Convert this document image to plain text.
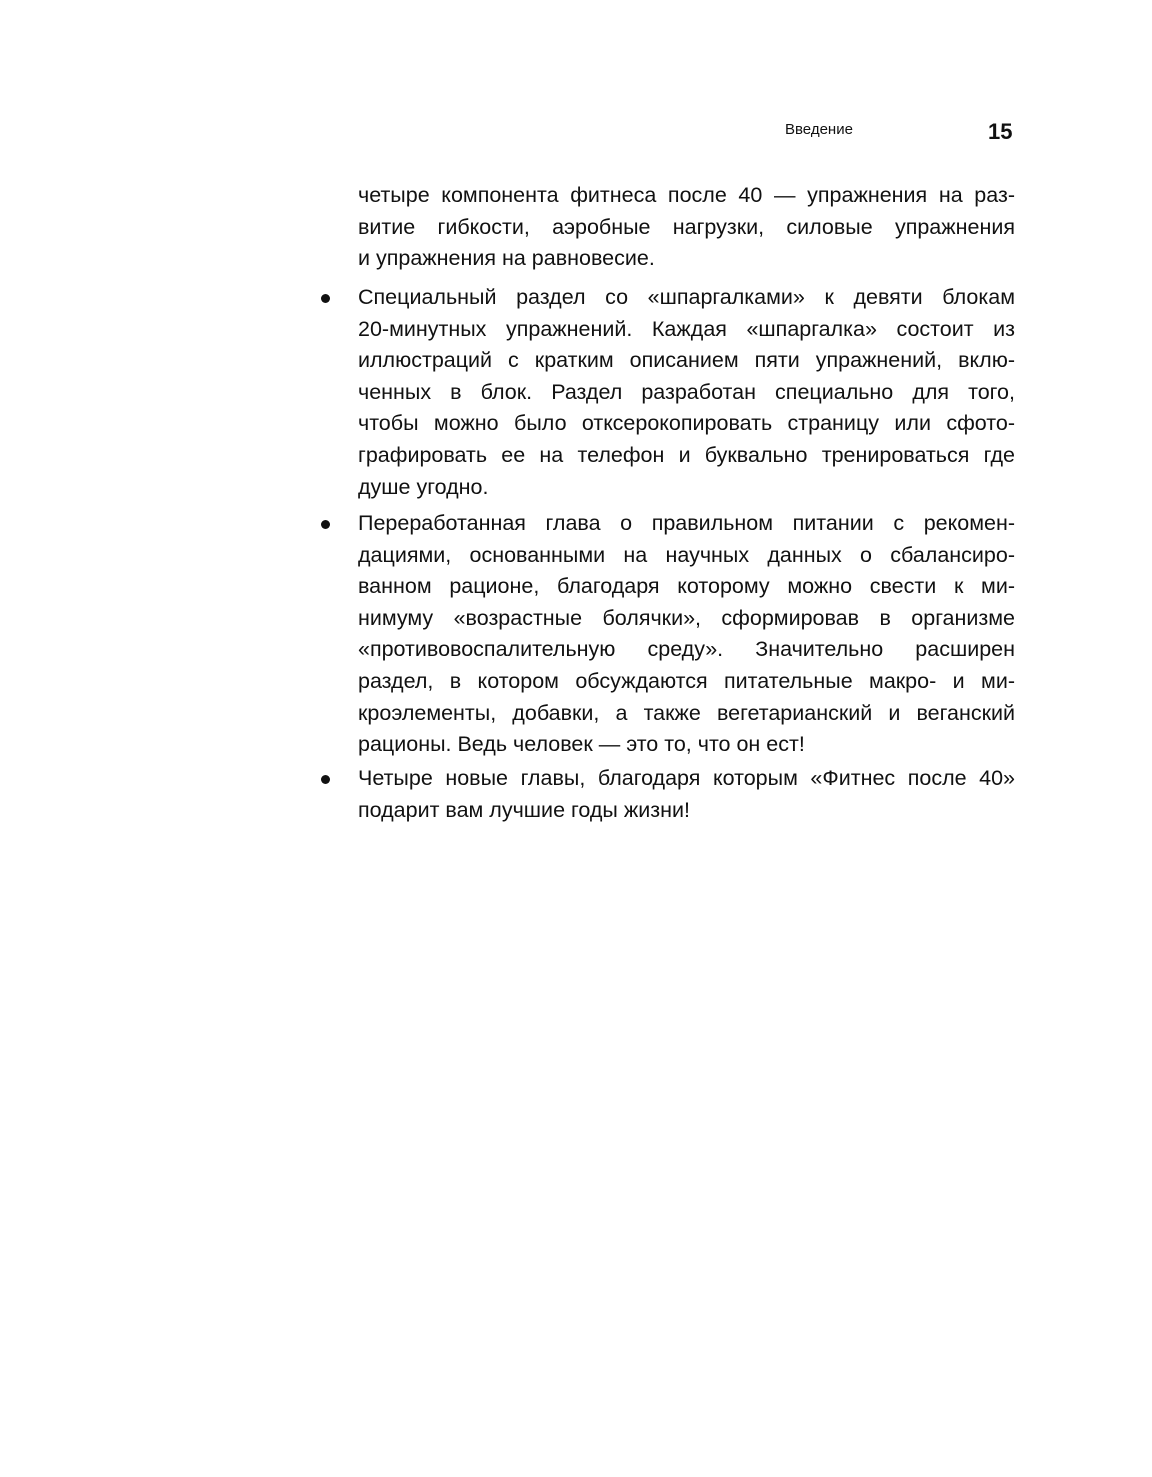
Введение	15
четыре компонента фитнеса после 40 — упражнения на раз-
витие гибкости, аэробные нагрузки, силовые упражнения
и упражнения на равновесие.
Специальный раздел со «шпаргалками» к девяти блокам
20-минутных упражнений. Каждая «шпаргалка» состоит из
иллюстраций с кратким описанием пяти упражнений, вклю-
ченных в блок. Раздел разработан специально для того,
чтобы можно было откcерокопировать страницу или сфото-
графировать ее на телефон и буквально тренироваться где
душе угодно.
Переработанная глава о правильном питании с рекомен-
дациями, основанными на научных данных о сбалансиро-
ванном рационе, благодаря которому можно свести к ми-
нимуму «возрастные болячки», сформировав в организме
«противовоспалительную среду». Значительно расширен
раздел, в котором обсуждаются питательные макро- и ми-
кроэлементы, добавки, а также вегетарианский и веганский
рационы. Ведь человек — это то, что он ест!
Четыре новые главы, благодаря которым «Фитнес после 40»
подарит вам лучшие годы жизни!
